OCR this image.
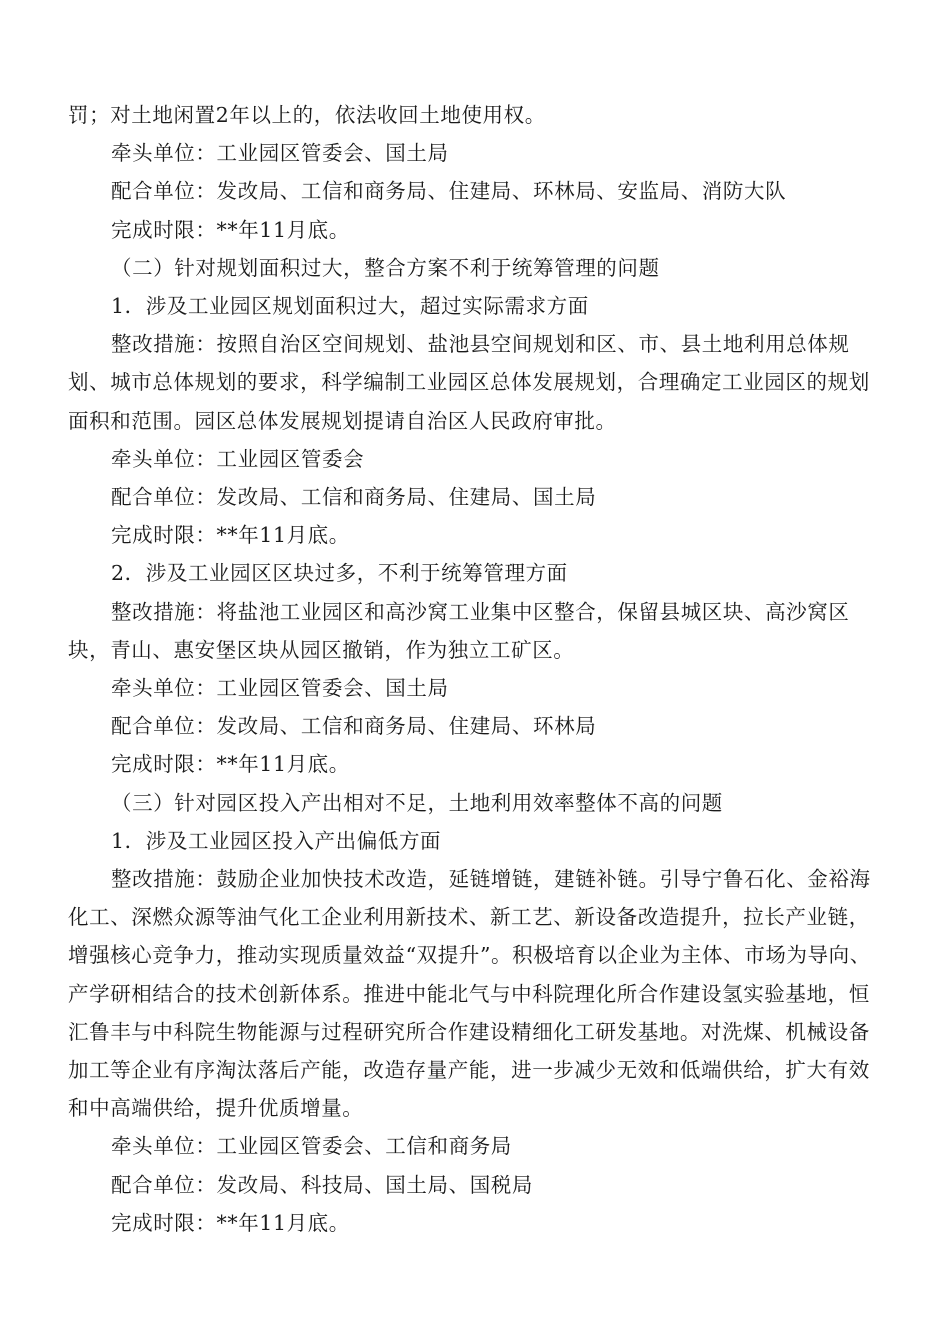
罚；对土地闲置2年以上的，依法收回土地使用权。

牵头单位：工业园区管委会、国土局

配合单位：发改局、工信和商务局、住建局、环林局、安监局、消防大队

完成时限：**年11月底。

（二）针对规划面积过大，整合方案不利于统筹管理的问题

1．涉及工业园区规划面积过大，超过实际需求方面

整改措施：按照自治区空间规划、盐池县空间规划和区、市、县土地利用总体规划、城市总体规划的要求，科学编制工业园区总体发展规划，合理确定工业园区的规划面积和范围。园区总体发展规划提请自治区人民政府审批。

牵头单位：工业园区管委会

配合单位：发改局、工信和商务局、住建局、国土局

完成时限：**年11月底。

2．涉及工业园区区块过多，不利于统筹管理方面

整改措施：将盐池工业园区和高沙窝工业集中区整合，保留县城区块、高沙窝区块，青山、惠安堡区块从园区撤销，作为独立工矿区。

牵头单位：工业园区管委会、国土局

配合单位：发改局、工信和商务局、住建局、环林局

完成时限：**年11月底。

（三）针对园区投入产出相对不足，土地利用效率整体不高的问题

1．涉及工业园区投入产出偏低方面

整改措施：鼓励企业加快技术改造，延链增链，建链补链。引导宁鲁石化、金裕海化工、深燃众源等油气化工企业利用新技术、新工艺、新设备改造提升，拉长产业链，增强核心竞争力，推动实现质量效益“双提升”。积极培育以企业为主体、市场为导向、产学研相结合的技术创新体系。推进中能北气与中科院理化所合作建设氢实验基地，恒汇鲁丰与中科院生物能源与过程研究所合作建设精细化工研发基地。对洗煤、机械设备加工等企业有序淘汰落后产能，改造存量产能，进一步减少无效和低端供给，扩大有效和中高端供给，提升优质增量。

牵头单位：工业园区管委会、工信和商务局

配合单位：发改局、科技局、国土局、国税局

完成时限：**年11月底。
